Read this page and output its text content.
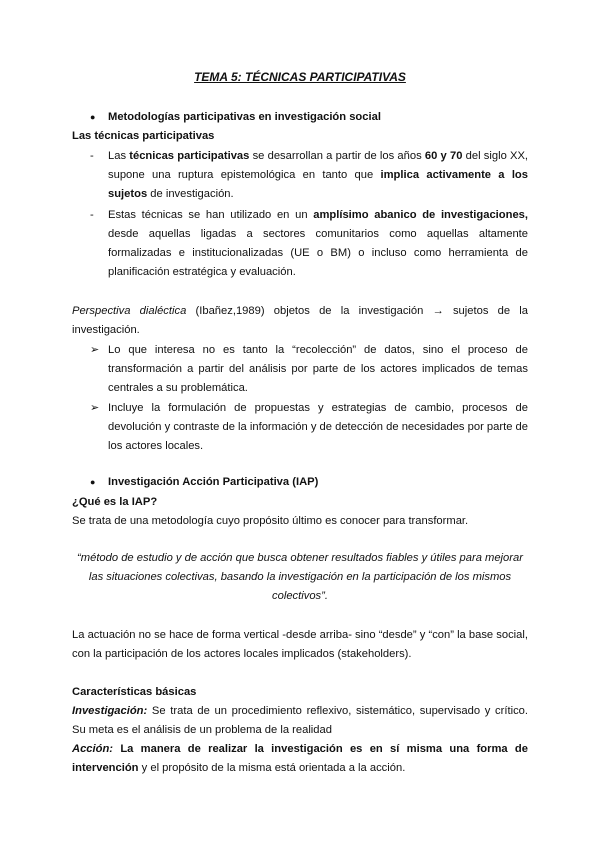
TEMA 5: TÉCNICAS PARTICIPATIVAS
● Metodologías participativas en investigación social
Las técnicas participativas
- Las técnicas participativas se desarrollan a partir de los años 60 y 70 del siglo XX, supone una ruptura epistemológica en tanto que implica activamente a los sujetos de investigación.
- Estas técnicas se han utilizado en un amplísimo abanico de investigaciones, desde aquellas ligadas a sectores comunitarios como aquellas altamente formalizadas e institucionalizadas (UE o BM) o incluso como herramienta de planificación estratégica y evaluación.
Perspectiva dialéctica (Ibañez,1989) objetos de la investigación → sujetos de la investigación.
➢ Lo que interesa no es tanto la “recolección” de datos, sino el proceso de transformación a partir del análisis por parte de los actores implicados de temas centrales a su problemática.
➢ Incluye la formulación de propuestas y estrategias de cambio, procesos de devolución y contraste de la información y de detección de necesidades por parte de los actores locales.
● Investigación Acción Participativa (IAP)
¿Qué es la IAP?
Se trata de una metodología cuyo propósito último es conocer para transformar.
“método de estudio y de acción que busca obtener resultados fiables y útiles para mejorar las situaciones colectivas, basando la investigación en la participación de los mismos colectivos”.
La actuación no se hace de forma vertical -desde arriba- sino “desde” y “con” la base social, con la participación de los actores locales implicados (stakeholders).
Características básicas
Investigación: Se trata de un procedimiento reflexivo, sistemático, supervisado y crítico. Su meta es el análisis de un problema de la realidad
Acción: La manera de realizar la investigación es en sí misma una forma de intervención y el propósito de la misma está orientada a la acción.
